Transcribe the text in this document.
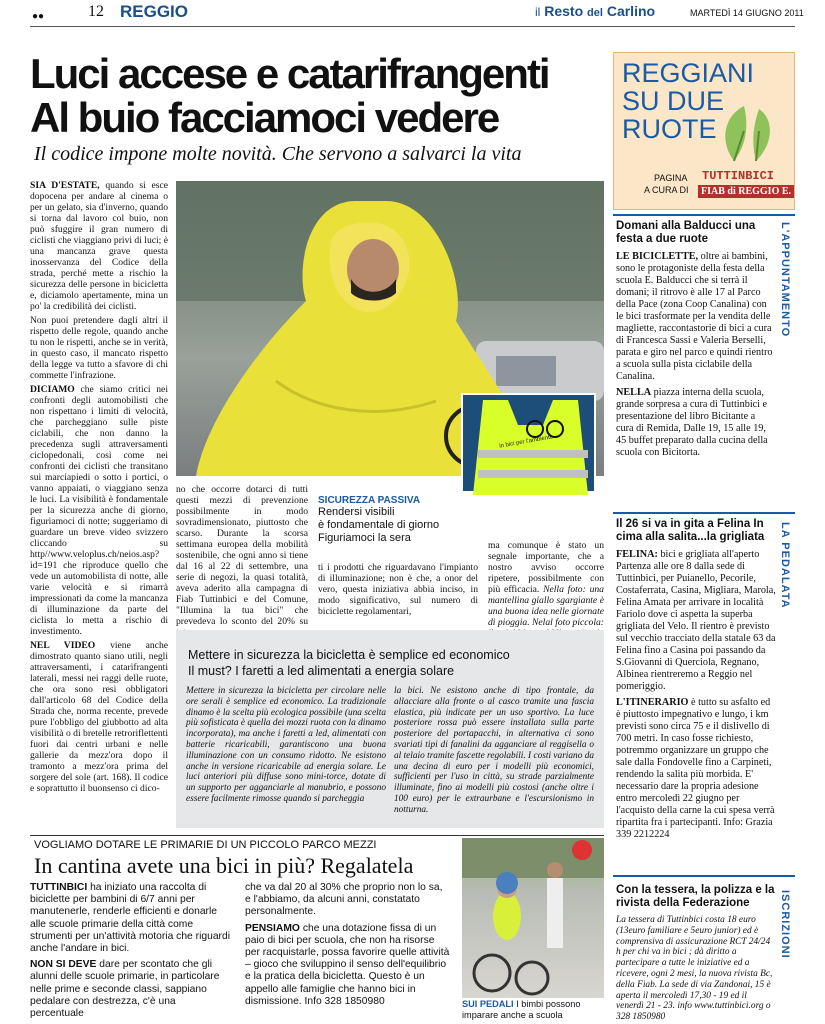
●●	12 REGGIO	il Resto del Carlino	MARTEDÌ 14 GIUGNO 2011
Luci accese e catarifrangenti
Al buio facciamoci vedere
Il codice impone molte novità. Che servono a salvarci la vita

SIA D'ESTATE, quando si esce dopocena per andare al cinema o per un gelato, sia d'inverno, quando si torna dal lavoro col buio, non può sfuggire il gran numero di ciclisti che viaggiano privi di luci; è una mancanza grave questa inosservanza del Codice della strada, perché mette a rischio la sicurezza delle persone in bicicletta e, diciamolo apertamente, mina un po' la credibilità dei ciclisti.

Non puoi pretendere dagli altri il rispetto delle regole, quando anche tu non le rispetti, anche se in verità, in questo caso, il mancato rispetto della legge va tutto a sfavore di chi commette l'infrazione.

DICIAMO che siamo critici nei confronti degli automobilisti che non rispettano i limiti di velocità, che parcheggiano sulle piste ciclabili, che non danno la precedenza sugli attraversamenti ciclopedonali, così come nei confronti dei ciclisti che transitano sui marciapiedi o sotto i portici, o vanno appaiati, o viaggiano senza le luci. La visibilità è fondamentale per la sicurezza anche di giorno, figuriamoci di notte; suggeriamo di guardare un breve video svizzero cliccando su http//www.veloplus.ch/neios.asp?id=191 che riproduce quello che vede un automobilista di notte, alle varie velocità e si rimarrà impressionati da come la mancanza di illuminazione da parte del ciclista lo metta a rischio di investimento.

NEL VIDEO viene anche dimostrato quanto siano utili, negli attraversamenti, i catarifrangenti laterali, messi nei raggi delle ruote, che ora sono resi obbligatori dall'articolo 68 del Codice della Strada che, norma recente, prevede pure l'obbligo del giubbotto ad alta visibilità o di bretelle retroriflettenti fuori dai centri urbani e nelle gallerie da mezz'ora dopo il tramonto a mezz'ora prima del sorgere del sole (art. 168). Il codice e soprattutto il buonsenso ci dico-

in bici per l'ambiente
no che occorre dotarci di tutti questi mezzi di prevenzione possibilmente in modo sovradimensionato, piuttosto che scarso. Durante la scorsa settimana europea della mobilità sostenibile, che ogni anno si tiene dal 16 al 22 di settembre, una serie di negozi, la quasi totalità, aveva aderito alla campagna di Fiab Tuttinbici e del Comune, "Illumina la tua bici" che prevedeva lo sconto del 20% su
SICUREZZA PASSIVA
Rendersi visibili
è fondamentale di giorno
Figuriamoci la sera
ti i prodotti che riguardavano l'impianto di illuminazione; non è che, a onor del vero, questa iniziativa abbia inciso, in modo significativo, sul numero di biciclette regolamentari,
ma comunque è stato un segnale importante, che a nostro avviso occorre ripetere, possibilmente con più efficacia. Nella foto: una mantellina giallo sgargiante è una buona idea nelle giornate di pioggia. Nelal foto piccola:
Mettere in sicurezza la bicicletta è semplice ed economico
Il must? I faretti a led alimentati a energia solare
Mettere in sicurezza la bicicletta per circolare nelle ore serali è semplice ed economico. La tradizionale dinamo è la scelta più ecologica possibile (una scelta più sofisticata è quella dei mozzi ruota con la dinamo incorporata), ma anche i faretti a led, alimentati con batterie ricaricabili, garantiscono una buona illuminazione con un consumo ridotto. Ne esistono anche in versione ricaricabile ad energia solare. Le luci anteriori più diffuse sono mini-torce, dotate di un supporto per agganciarle al manubrio, e possono essere facilmente rimosse quando si parcheggia
la bici. Ne esistono anche di tipo frontale, da allacciare alla fronte o al casco tramite una fascia elastica, più indicate per un uso sportivo. La luce posteriore rossa può essere installata sulla parte posteriore del portapacchi, in alternativa ci sono svariati tipi di fanalini da agganciare al reggisella o al telaio tramite fascette regolabili. I costi variano da una decina di euro per i modelli più economici, sufficienti per l'uso in città, su strade parzialmente illuminate, fino ai modelli più costosi (anche oltre i 100 euro) per le extraurbane e l'escursionismo in notturna.
VOGLIAMO DOTARE LE PRIMARIE DI UN PICCOLO PARCO MEZZI
In cantina avete una bici in più? Regalatela

TUTTINBICI ha iniziato una raccolta di biciclette per bambini di 6/7 anni per manutenerle, renderle efficienti e donarle alle scuole primarie della città come strumenti per un'attività motoria che riguardi anche l'andare in bici.

NON SI DEVE dare per scontato che gli alunni delle scuole primarie, in particolare nelle prime e seconde classi, sappiano pedalare con destrezza, c'è una percentuale

che va dal 20 al 30% che proprio non lo sa, e l'abbiamo, da alcuni anni, constatato personalmente.

PENSIAMO che una dotazione fissa di un paio di bici per scuola, che non ha risorse per racquistarle, possa favorire quelle attività – gioco che sviluppino il senso dell'equilibrio e la pratica della bicicletta. Questo è un appello alle famiglie che hanno bici in dismissione. Info 328 1850980	SUI PEDALI I bimbi possono imparare anche a scuola
REGGIANI
SU DUE
RUOTE
PAGINA
A CURA DI
TUTTINBICI
FIAB di REGGIO E.
L'APPUNTAMENTO
Domani alla Balducci una festa a due ruote

LE BICICLETTE, oltre ai bambini, sono le protagoniste della festa della scuola E. Balducci che si terrà il domani; il ritrovo è alle 17 al Parco della Pace (zona Coop Canalina) con le bici trasformate per la vendita delle magliette, raccontastorie di bici a cura di Francesca Sassi e Valeria Berselli, parata e giro nel parco e quindi rientro a scuola sulla pista ciclabile della Canalina.

NELLA piazza interna della scuola, grande sorpresa a cura di Tuttinbici e presentazione del libro Bicitante a cura di Remida, Dalle 19, 15 alle 19, 45 buffet preparato dalla cucina della scuola con Bicitorta.

LA PEDALATA
Il 26 si va in gita a Felina In cima alla salita...la grigliata

FELINA: bici e grigliata all'aperto Partenza alle ore 8 dalla sede di Tuttinbici, per Puianello, Pecorile, Costaferrata, Casina, Migliara, Marola, Felina Amata per arrivare in località Fariolo dove ci aspetta la superba grigliata del Velo. Il rientro è previsto sul vecchio tracciato della statale 63 da Felina fino a Casina poi passando da S.Giovanni di Querciola, Regnano, Albinea rientreremo a Reggio nel pomeriggio.

L'ITINERARIO è tutto su asfalto ed è piuttosto impegnativo e lungo, i km previsti sono circa 75 e il dislivello di 700 metri. In caso fosse richiesto, potremmo organizzare un gruppo che sale dalla Fondovelle fino a Carpineti, rendendo la salita più morbida. E' necessario dare la propria adesione entro mercoledì 22 giugno per l'acquisto della carne la cui spesa verrà ripartita fra i partecipanti. Info: Grazia 339 2212224

ISCRIZIONI
Con la tessera, la polizza e la rivista della Federazione
La tessera di Tuttinbici costa 18 euro (13euro familiare e 5euro junior) ed è comprensiva di assicurazione RCT 24/24 h per chi va in bici ; dà diritto a partecipare a tutte le iniziative ed a ricevere, ogni 2 mesi, la nuova rivista Bc, della Fiab. La sede di via Zandonai, 15 è aperta il mercoledì 17,30 - 19 ed il venerdì 21 - 23. info www.tuttinbici.org o 328 1850980
